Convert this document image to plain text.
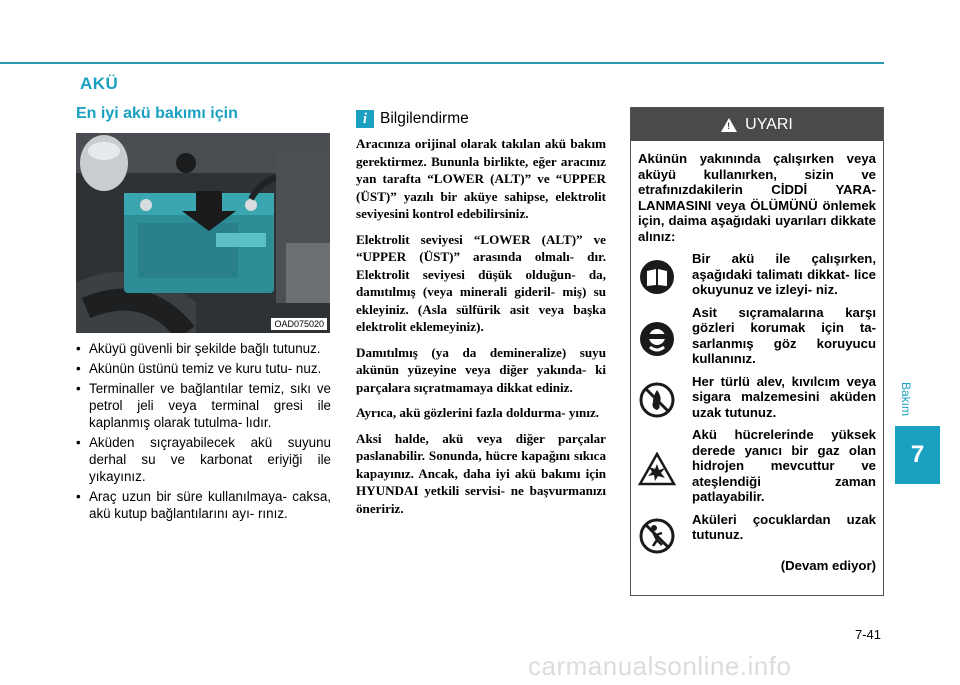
AKÜ
En iyi akü bakımı için
OAD075020
• Aküyü güvenli bir şekilde bağlı tutunuz.
• Akünün üstünü temiz ve kuru tutu- nuz.
• Terminaller ve bağlantılar temiz, sıkı ve petrol jeli veya terminal gresi ile kaplanmış olarak tutulma- lıdır.
• Aküden sıçrayabilecek akü suyunu derhal su ve karbonat eriyiği ile yıkayınız.
• Araç uzun bir süre kullanılmaya- caksa, akü kutup bağlantılarını ayı- rınız.
i Bilgilendirme

Aracınıza orijinal olarak takılan akü bakım gerektirmez. Bununla birlikte, eğer aracınız yan tarafta “LOWER (ALT)” ve “UPPER (ÜST)” yazılı bir aküye sahipse, elektrolit seviyesini kontrol edebilirsiniz.

Elektrolit seviyesi “LOWER (ALT)” ve “UPPER (ÜST)” arasında olmalı- dır. Elektrolit seviyesi düşük olduğun- da, damıtılmış (veya minerali gideril- miş) su ekleyiniz. (Asla sülfürik asit veya başka elektrolit eklemeyiniz).

Damıtılmış (ya da demineralize) suyu akünün yüzeyine veya diğer yakında- ki parçalara sıçratmamaya dikkat ediniz.

Ayrıca, akü gözlerini fazla doldurma- yınız.

Aksi halde, akü veya diğer parçalar paslanabilir. Sonunda, hücre kapağını sıkıca kapayınız. Ancak, daha iyi akü bakımı için HYUNDAI yetkili servisi- ne başvurmanızı öneririz.

! UYARI
Akünün yakınında çalışırken veya aküyü kullanırken, sizin ve etrafınızdakilerin CİDDİ YARA- LANMASINI veya ÖLÜMÜNÜ önlemek için, daima aşağıdaki uyarıları dikkate alınız:
Bir akü ile çalışırken, aşağıdaki talimatı dikkat- lice okuyunuz ve izleyi- niz.
Asit sıçramalarına karşı gözleri korumak için ta- sarlanmış göz koruyucu kullanınız.
Her türlü alev, kıvılcım veya sigara malzemesini aküden uzak tutunuz.
Akü hücrelerinde yüksek derede yanıcı bir gaz olan hidrojen mevcuttur ve ateşlendiği zaman patlayabilir.
Aküleri çocuklardan uzak tutunuz.
(Devam ediyor)
Bakım
7
7-41
carmanualsonline.info
